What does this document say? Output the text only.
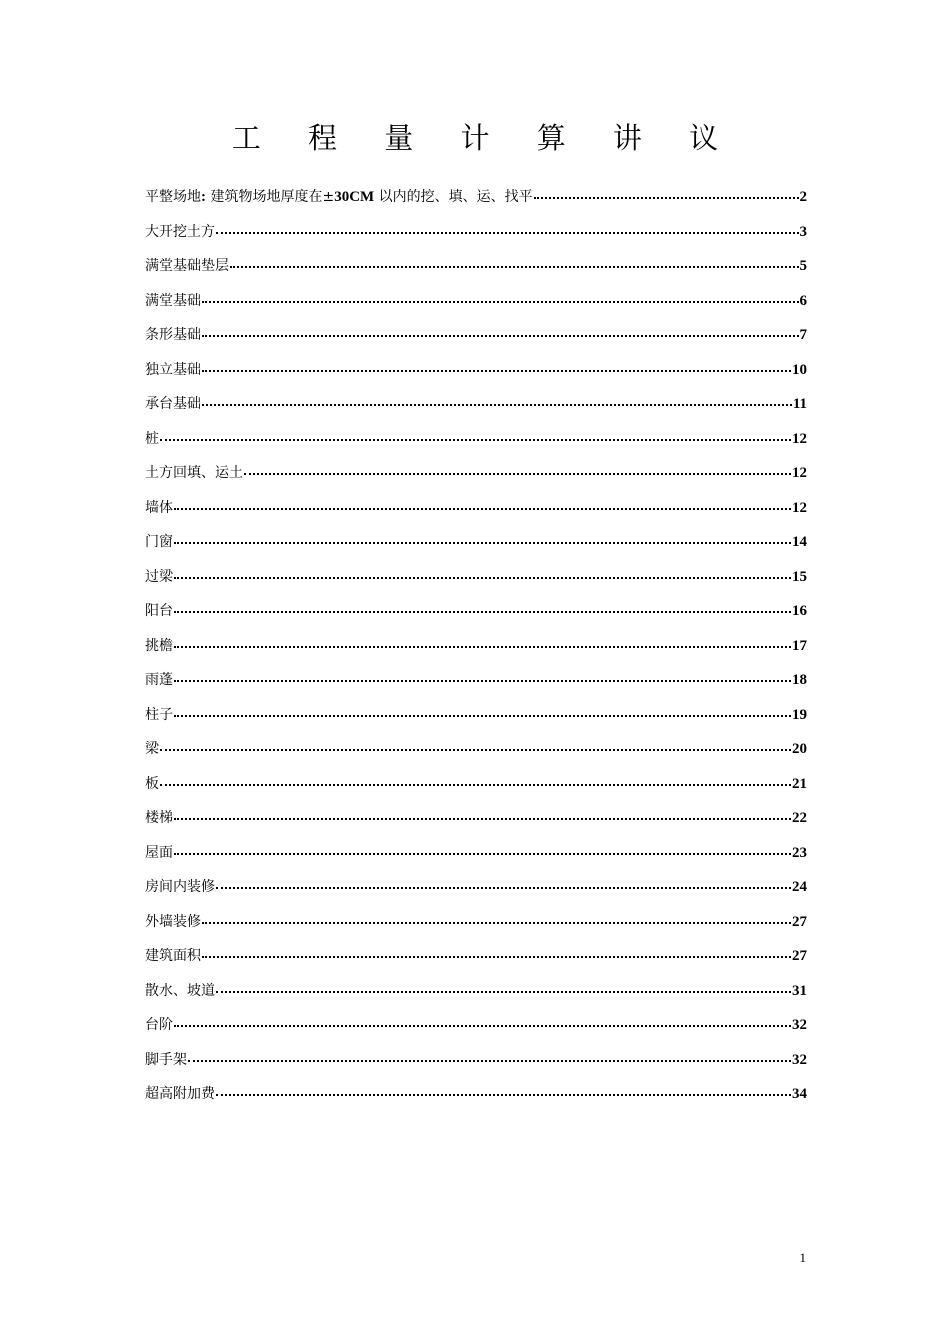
工 程 量 计 算 讲 议
平整场地: 建筑物场地厚度在±30CM 以内的挖、填、运、找平	2
大开挖土方	3
满堂基础垫层	5
满堂基础	6
条形基础	7
独立基础	10
承台基础	11
桩	12
土方回填、运土	12
墙体	12
门窗	14
过梁	15
阳台	16
挑檐	17
雨蓬	18
柱子	19
梁	20
板	21
楼梯	22
屋面	23
房间内装修	24
外墙装修	27
建筑面积	27
散水、坡道	31
台阶	32
脚手架	32
超高附加费	34
1
